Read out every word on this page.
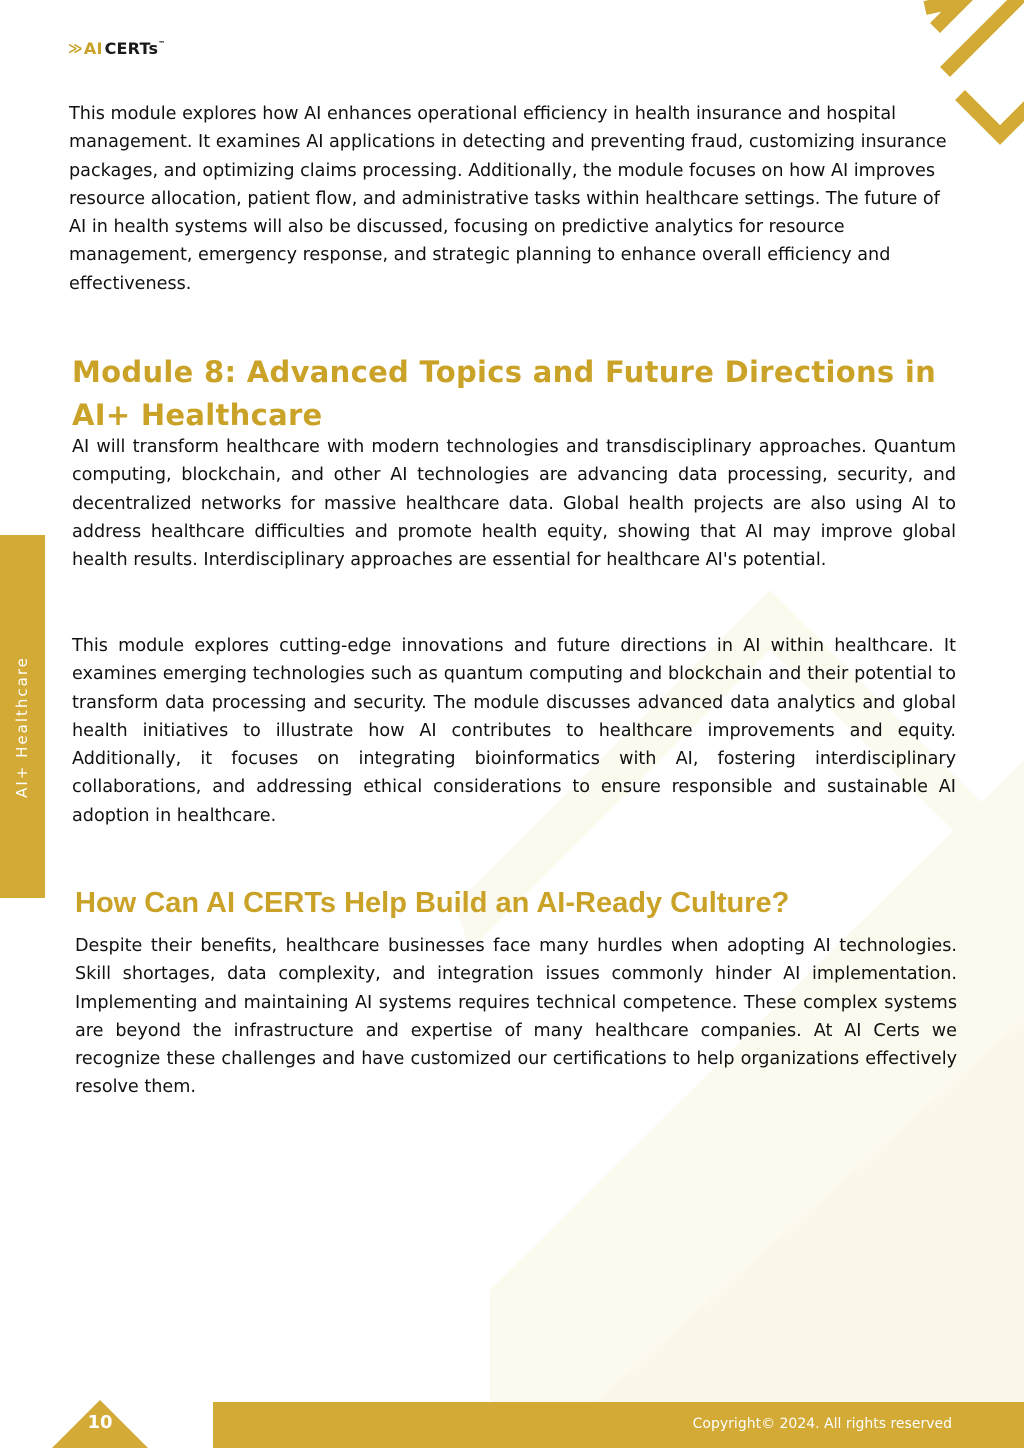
≫ AI CERTs ™
AI+ Healthcare

This module explores how AI enhances operational efficiency in health insurance and hospital management. It examines AI applications in detecting and preventing fraud, customizing insurance packages, and optimizing claims processing. Additionally, the module focuses on how AI improves resource allocation, patient flow, and administrative tasks within healthcare settings. The future of AI in health systems will also be discussed, focusing on predictive analytics for resource management, emergency response, and strategic planning to enhance overall efficiency and effectiveness.

Module 8: Advanced Topics and Future Directions in AI+ Healthcare

AI will transform healthcare with modern technologies and transdisciplinary approaches. Quantum computing, blockchain, and other AI technologies are advancing data processing, security, and decentralized networks for massive healthcare data. Global health projects are also using AI to address healthcare difficulties and promote health equity, showing that AI may improve global health results. Interdisciplinary approaches are essential for healthcare AI's potential.

This module explores cutting-edge innovations and future directions in AI within healthcare. It examines emerging technologies such as quantum computing and blockchain and their potential to transform data processing and security. The module discusses advanced data analytics and global health initiatives to illustrate how AI contributes to healthcare improvements and equity. Additionally, it focuses on integrating bioinformatics with AI, fostering interdisciplinary collaborations, and addressing ethical considerations to ensure responsible and sustainable AI adoption in healthcare.

How Can AI CERTs Help Build an AI-Ready Culture?

Despite their benefits, healthcare businesses face many hurdles when adopting AI technologies. Skill shortages, data complexity, and integration issues commonly hinder AI implementation. Implementing and maintaining AI systems requires technical competence. These complex systems are beyond the infrastructure and expertise of many healthcare companies. At AI Certs we recognize these challenges and have customized our certifications to help organizations effectively resolve them.

10	Copyright© 2024. All rights reserved
